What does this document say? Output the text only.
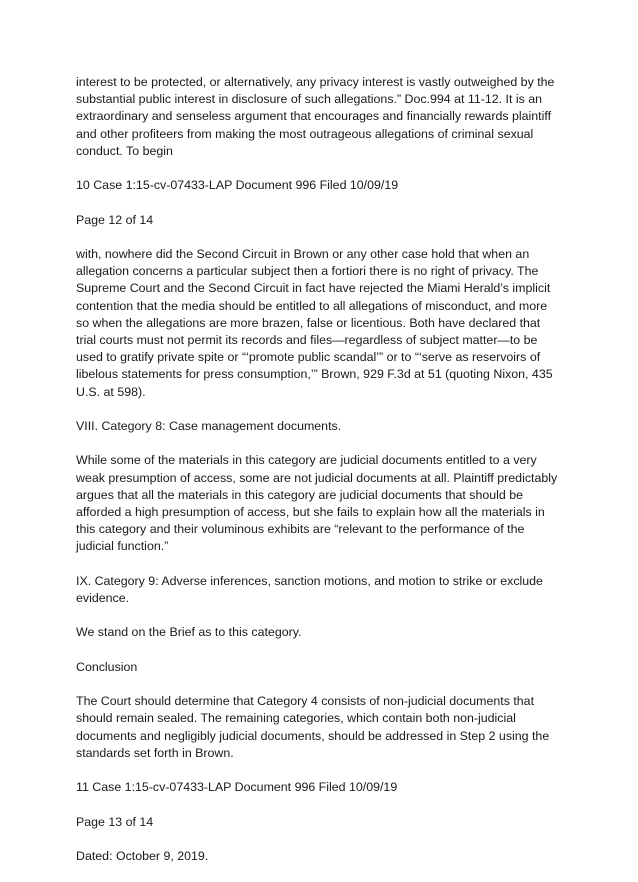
interest to be protected, or alternatively, any privacy interest is vastly outweighed by the substantial public interest in disclosure of such allegations.” Doc.994 at 11-12. It is an extraordinary and senseless argument that encourages and financially rewards plaintiff and other profiteers from making the most outrageous allegations of criminal sexual conduct. To begin

10 Case 1:15-cv-07433-LAP Document 996 Filed 10/09/19

Page 12 of 14

with, nowhere did the Second Circuit in Brown or any other case hold that when an allegation concerns a particular subject then a fortiori there is no right of privacy. The Supreme Court and the Second Circuit in fact have rejected the Miami Herald’s implicit contention that the media should be entitled to all allegations of misconduct, and more so when the allegations are more brazen, false or licentious. Both have declared that trial courts must not permit its records and files—regardless of subject matter—to be used to gratify private spite or “‘promote public scandal’” or to “‘serve as reservoirs of libelous statements for press consumption,’” Brown, 929 F.3d at 51 (quoting Nixon, 435 U.S. at 598).

VIII. Category 8: Case management documents.

While some of the materials in this category are judicial documents entitled to a very weak presumption of access, some are not judicial documents at all. Plaintiff predictably argues that all the materials in this category are judicial documents that should be afforded a high presumption of access, but she fails to explain how all the materials in this category and their voluminous exhibits are “relevant to the performance of the judicial function.”

IX. Category 9: Adverse inferences, sanction motions, and motion to strike or exclude evidence.

We stand on the Brief as to this category.

Conclusion

The Court should determine that Category 4 consists of non-judicial documents that should remain sealed. The remaining categories, which contain both non-judicial documents and negligibly judicial documents, should be addressed in Step 2 using the standards set forth in Brown.

11 Case 1:15-cv-07433-LAP Document 996 Filed 10/09/19

Page 13 of 14

Dated: October 9, 2019.
